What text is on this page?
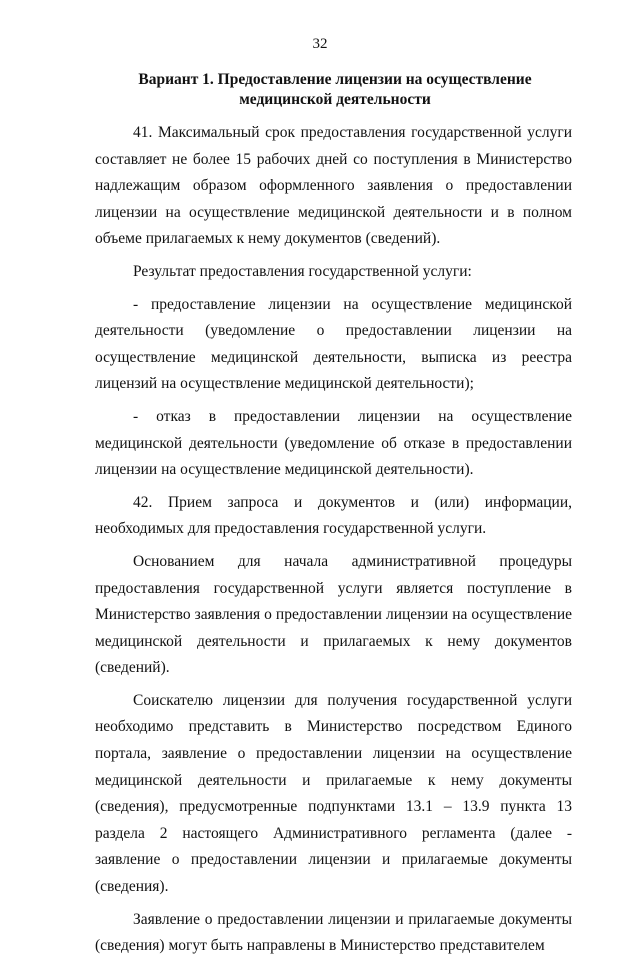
32
Вариант 1. Предоставление лицензии на осуществление
медицинской деятельности

41. Максимальный срок предоставления государственной услуги составляет не более 15 рабочих дней со поступления в Министерство надлежащим образом оформленного заявления о предоставлении лицензии на осуществление медицинской деятельности и в полном объеме прилагаемых к нему документов (сведений).

Результат предоставления государственной услуги:

- предоставление лицензии на осуществление медицинской деятельности (уведомление о предоставлении лицензии на осуществление медицинской деятельности, выписка из реестра лицензий на осуществление медицинской деятельности);

- отказ в предоставлении лицензии на осуществление медицинской деятельности (уведомление об отказе в предоставлении лицензии на осуществление медицинской деятельности).

42. Прием запроса и документов и (или) информации, необходимых для предоставления государственной услуги.

Основанием для начала административной процедуры предоставления государственной услуги является поступление в Министерство заявления о предоставлении лицензии на осуществление медицинской деятельности и прилагаемых к нему документов (сведений).

Соискателю лицензии для получения государственной услуги необходимо представить в Министерство посредством Единого портала, заявление о предоставлении лицензии на осуществление медицинской деятельности и прилагаемые к нему документы (сведения), предусмотренные подпунктами 13.1 – 13.9 пункта 13 раздела 2 настоящего Административного регламента (далее - заявление о предоставлении лицензии и прилагаемые документы (сведения).

Заявление о предоставлении лицензии и прилагаемые документы (сведения) могут быть направлены в Министерство представителем
